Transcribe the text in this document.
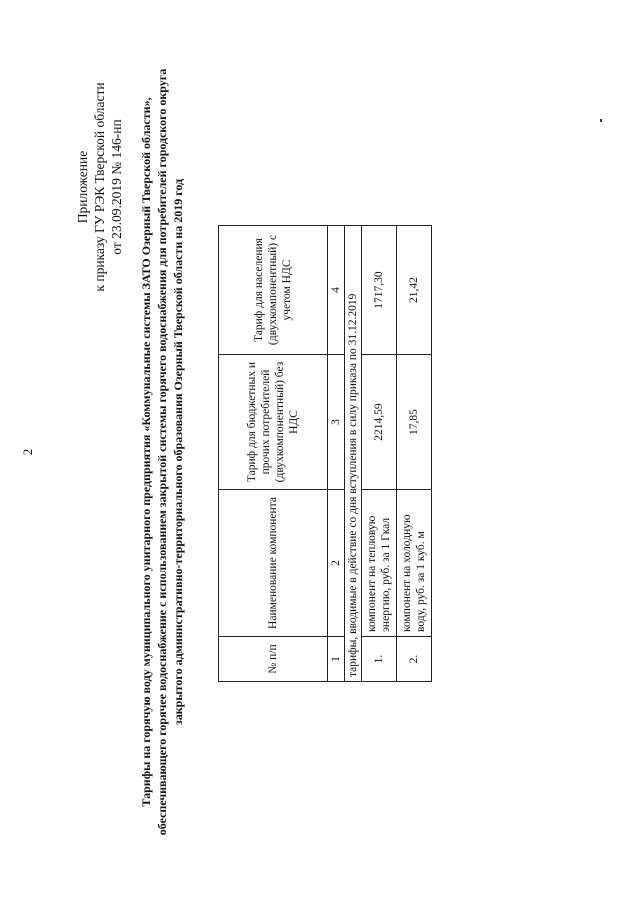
2
Приложение к приказу ГУ РЭК Тверской области от 23.09.2019 № 146-нп Тарифы на горячую воду муниципального унитарного предприятия «Коммунальные системы ЗАТО Озерный Тверской области», обеспечивающего горячее водоснабжение с использованием закрытой системы горячего водоснабжения для потребителей городского округа закрытого административно-территориального образования Озерный Тверской области на 2019 год	№ п/п	Наименование компонента	Тариф для бюджетных и прочих потребителей (двухкомпонентный) без НДС	Тариф для населения (двухкомпонентный) с учетом НДС
1	2	3	4
тарифы, вводимые в действие со дня вступления в силу приказа по 31.12.2019			
1.	компонент на тепловую энергию, руб. за 1 Гкал	2214,59	1717,30
2.	компонент на холодную воду, руб. за 1 куб. м	17,85	21,42
